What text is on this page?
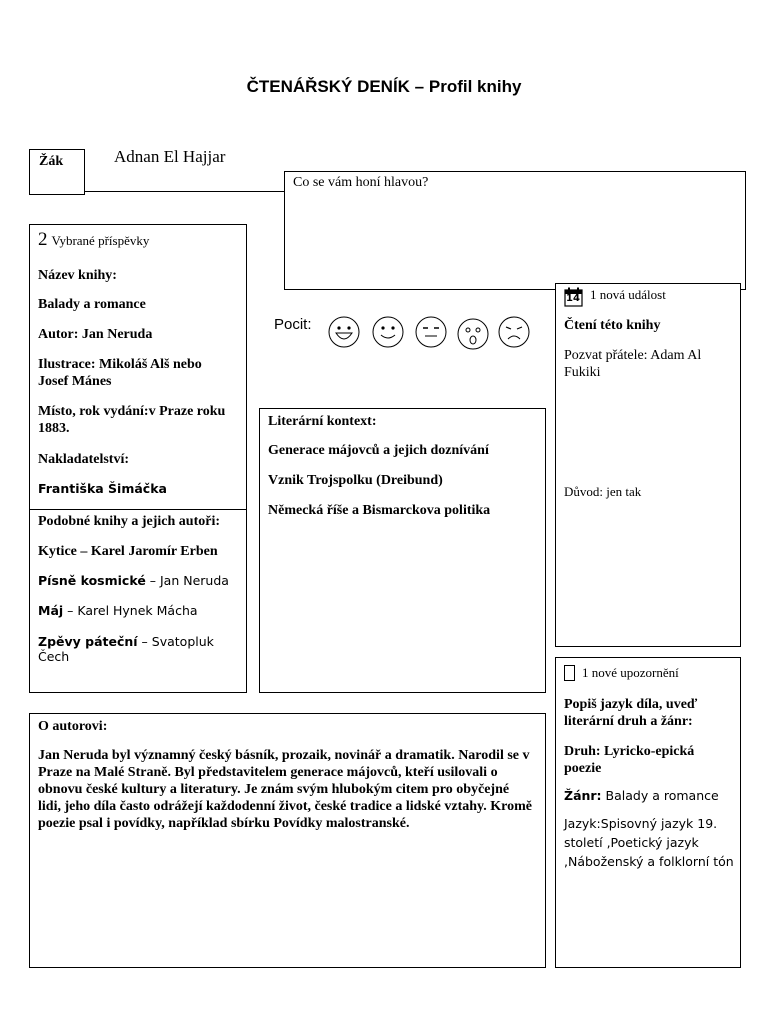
ČTENÁŘSKÝ DENÍK – Profil knihy
Žák	Adnan El Hajjar
Co se vám honí hlavou?
Pocit:
2 Vybrané příspěvky
Název knihy:
Balady a romance
Autor: Jan Neruda
Ilustrace: Mikoláš Alš nebo Josef Mánes
Místo, rok vydání:v Praze roku 1883.
Nakladatelství:
Františka Šimáčka
Podobné knihy a jejich autoři:
Kytice – Karel Jaromír Erben
Písně kosmické – Jan Neruda
Máj – Karel Hynek Mácha
Zpěvy páteční – Svatopluk Čech
Literární kontext:
Generace májovců a jejich doznívání
Vznik Trojspolku (Dreibund)
Německá říše a Bismarckova politika
14 1 nová událost
Čtení této knihy
Pozvat přátele: Adam Al Fukiki
Důvod: jen tak
1 nové upozornění
Popiš jazyk díla, uveď literární druh a žánr:
Druh: Lyricko-epická poezie
Žánr: Balady a romance
Jazyk:Spisovný jazyk 19. století ,Poetický jazyk ,Náboženský a folklorní tón
O autorovi:
Jan Neruda byl významný český básník, prozaik, novinář a dramatik. Narodil se v Praze na Malé Straně. Byl představitelem generace májovců, kteří usilovali o obnovu české kultury a literatury. Je znám svým hlubokým citem pro obyčejné lidi, jeho díla často odrážejí každodenní život, české tradice a lidské vztahy. Kromě poezie psal i povídky, například sbírku Povídky malostranské.
